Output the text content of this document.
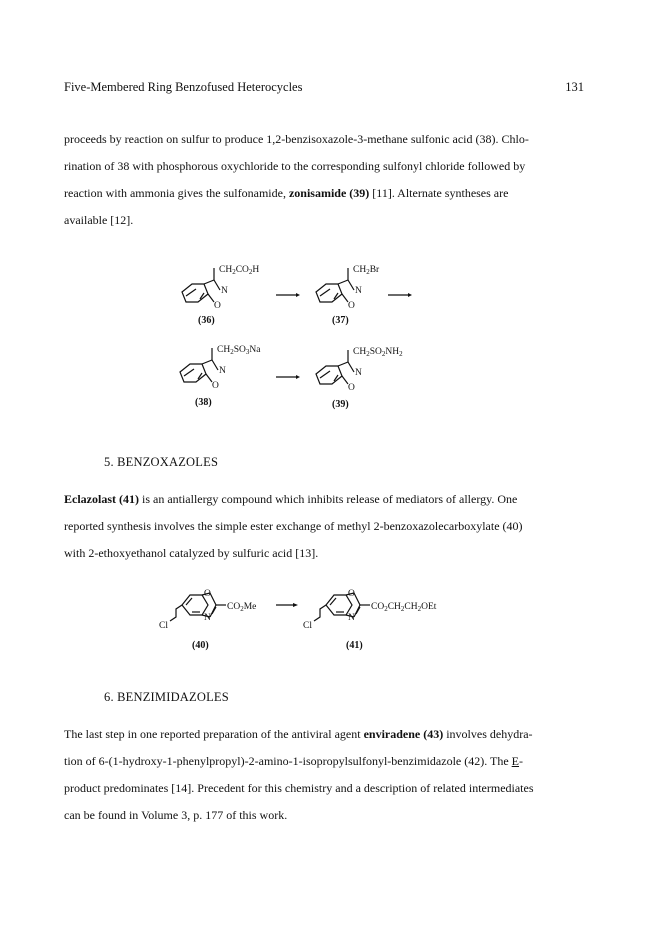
Five-Membered Ring Benzofused Heterocycles	131
proceeds by reaction on sulfur to produce 1,2-benzisoxazole-3-methane sulfonic acid (38). Chlo-
rination of 38 with phosphorous oxychloride to the corresponding sulfonyl chloride followed by
reaction with ammonia gives the sulfonamide, zonisamide (39) [11]. Alternate syntheses are
available [12].
$CH_2CO_2H$
N
O
(36)
$CH_2Br$
N
O
(37)
$CH_2SO_3Na$
N
O
(38)
$CH_2SO_2NH_2$
N
O
(39)
5. BENZOXAZOLES
Eclazolast (41) is an antiallergy compound which inhibits release of mediators of allergy. One
reported synthesis involves the simple ester exchange of methyl 2-benzoxazolecarboxylate (40)
with 2-ethoxyethanol catalyzed by sulfuric acid [13].
O
N
Cl
$CO_2Me$
(40)
O
N
Cl
$CO_2CH_2CH_2OEt$
(41)
6. BENZIMIDAZOLES
The last step in one reported preparation of the antiviral agent enviradene (43) involves dehydra-
tion of 6-(1-hydroxy-1-phenylpropyl)-2-amino-1-isopropylsulfonyl-benzimidazole (42). The E-
product predominates [14]. Precedent for this chemistry and a description of related intermediates
can be found in Volume 3, p. 177 of this work.
